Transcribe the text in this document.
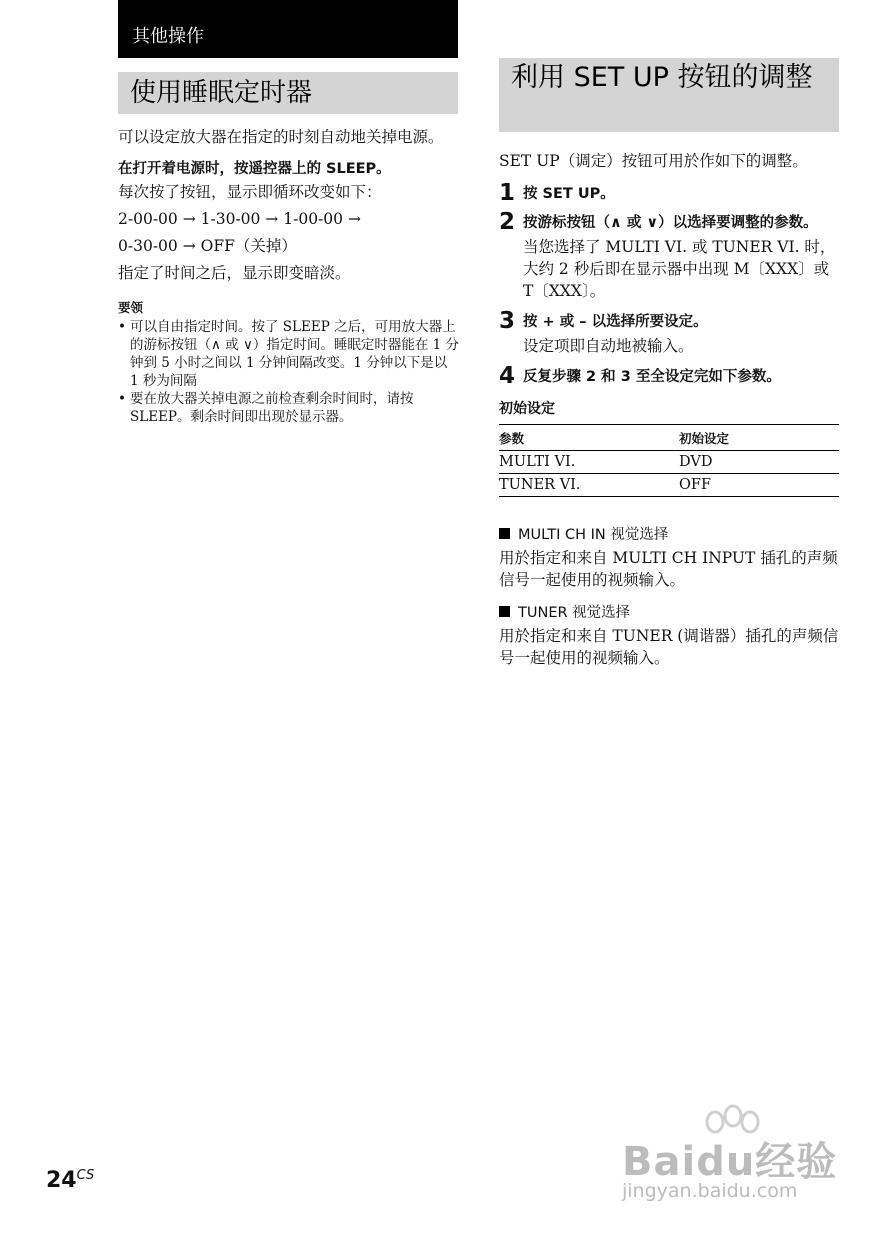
其他操作
使用睡眠定时器

可以设定放大器在指定的时刻自动地关掉电源。

在打开着电源时，按遥控器上的 SLEEP。

每次按了按钮，显示即循环改变如下：

2-00-00 → 1-30-00 → 1-00-00 →

0-30-00 → OFF（关掉）

指定了时间之后，显示即变暗淡。

要领

• 可以自由指定时间。按了 SLEEP 之后，可用放大器上的游标按钮（∧ 或 ∨）指定时间。睡眠定时器能在 1 分钟到 5 小时之间以 1 分钟间隔改变。1 分钟以下是以 1 秒为间隔
• 要在放大器关掉电源之前检查剩余时间时，请按 SLEEP。剩余时间即出现於显示器。
利用 SET UP 按钮的调整

SET UP（调定）按钮可用於作如下的调整。

1 按 SET UP。

2 按游标按钮（∧ 或 ∨）以选择要调整的参数。

当您选择了 MULTI VI. 或 TUNER VI. 时，大约 2 秒后即在显示器中出现 M〔XXX〕或 T〔XXX〕。

3 按 + 或 – 以选择所要设定。

设定项即自动地被输入。

4 反复步骤 2 和 3 至全设定完如下参数。

初始设定

参数	初始设定
MULTI VI.	DVD
TUNER VI.	OFF

MULTI CH IN 视觉选择

用於指定和来自 MULTI CH INPUT 插孔的声频信号一起使用的视频输入。

TUNER 视觉选择

用於指定和来自 TUNER (调谐器）插孔的声频信号一起使用的视频输入。

$24^{CS}$	Baidu经验
jingyan.baidu.com
